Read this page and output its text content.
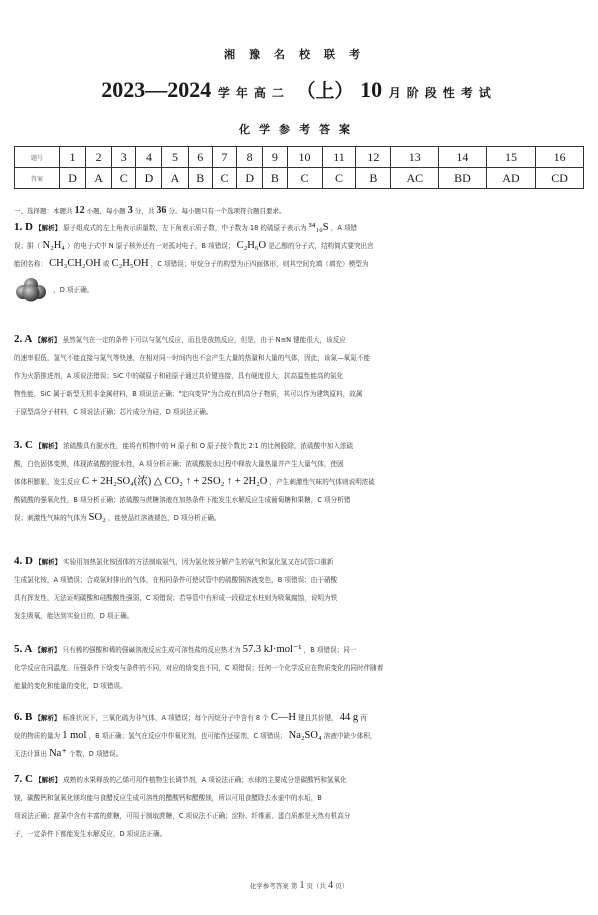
湘豫名校联考
2023—2024 学年高二 （上） 10 月阶段性考试
化学参考答案
题号	1	2	3	4	5	6	7	8	9	10	11	12	13	14	15	16
答案	D	A	C	D	A	B	C	D	B	C	C	B	AC	BD	AD	CD
一、选择题：本题共 12 小题，每小题 3 分，共 36 分。每小题只有一个选项符合题目要求。
1. D 【解析】 原子组成式的左上角表示质量数，左下角表示质子数，中子数为 18 的硫原子表示为 ³⁴₁₆S ，A 项错
误；肼（ N₂H₄ ）的电子式中 N 原子核外还有一对孤对电子，B 项错误； C₂H₆O 是乙醇的分子式，结构简式要突出官
能团名称： CH₃CH₂OH 或 C₂H₅OH ，C 项错误；甲烷分子的构型为正四面体形，则其空间充填（填充）模型为
，D 项正确。
2. A 【解析】 虽然氮气在一定的条件下可以与氢气反应，而且是放热反应，但是，由于 N≡N 键能很大，该反应
的速率很低，氢气不能直接与氮气等快速，在相对同一时间内也不会产生大量的热量和大量的气体，因此，该氮—氧氮不能
作为火箭推进剂，A 项说法错误；SiC 中的碳原子和硅原子通过共价键连接，具有硬度很大，抗高温性能高的氮化
物性能，SiC 属于新型无机非金属材料，B 项说法正确；"定向变异"为合成有机高分子物质，其可以作为建筑原料，故属
于原型高分子材料，C 项说法正确；芯片成分为硅，D 项说法正确。
3. C 【解析】 浓硫酸具有脱水性，能将有机物中的 H 原子和 O 原子按个数比 2∶1 的比例脱除，浓硫酸中加入浓硫
酸，白色固体变黑，体现浓硫酸的脱水性，A 项分析正确；浓硫酸脱水过程中释放大量热量并产生大量气体，使固
体体积膨胀，发生反应 C + 2H₂SO₄(浓) △ CO₂ ↑ + 2SO₂ ↑ + 2H₂O ，产生刺激性气味的气体则说明浓硫
酸硫酸的强氧化性，B 项分析正确；浓硫酸与蔗糖溶液在加热条件下能发生水解反应生成葡萄糖和果糖，C 项分析错
误；刺激性气味的气体为 SO₂ ，能使品红溶液褪色，D 项分析正确。
4. D 【解析】 实验用加热氯化铵固体的方法制取氨气，因为氯化铵分解产生的氨气和氯化氢又在试管口重新
生成氯化铵，A 项错误；合成氨时排出的气体，在相同条件可使试管中的硫酸铜溶液变色，B 项错误；由于硝酸
具有挥发性，无法证明碳酸和硅酸酸性强弱，C 项错误；若导管中有形成一段稳定水柱则为吸氧腐蚀，说明为铁
发生吸氧，能达到实验目的，D 项正确。
5. A 【解析】 只有稀的强酸和稀的强碱溶液反应生成可溶性盐的反应热才为 57.3 kJ·mol⁻¹ ，B 项错误；同一
化学反应在同温度、压强条件下焓变与条件的不同，对应的焓变也不同，C 项错误；任何一个化学反应在物质变化的同时伴随着
能量的变化和能量的变化，D 项错误。
6. B 【解析】 标准状况下，三氧化硫为非气体，A 项错误；每个丙烷分子中含有 8 个 C—H 键且共价键， 44 g 丙
烷的物质的量为 1 mol ，B 项正确；氢气在反应中作氧化剂，也可能作还原剂，C 项错误； Na₂SO₄ 溶液中缺少体积，
无法计算出 Na⁺ 个数，D 项错误。
7. C 【解析】 成熟的水果释放的乙烯可用作植物生长调节剂，A 项说法正确；水球的主要成分是碳酸钙和氢氧化
镁，碳酸钙和氢氧化镁均能与食醋反应生成可溶性的醋酸钙和醋酸镁，所以可用食醋除去水壶中的水垢，B
项说法正确；甜菜中含有丰富的蔗糖，可用于制取蔗糖，C 项说法不正确；淀粉、纤维素、蛋白质都是天然有机高分
子，一定条件下都能发生水解反应，D 项说法正确。
化学参考答案 第 1 页（共 4 页）
